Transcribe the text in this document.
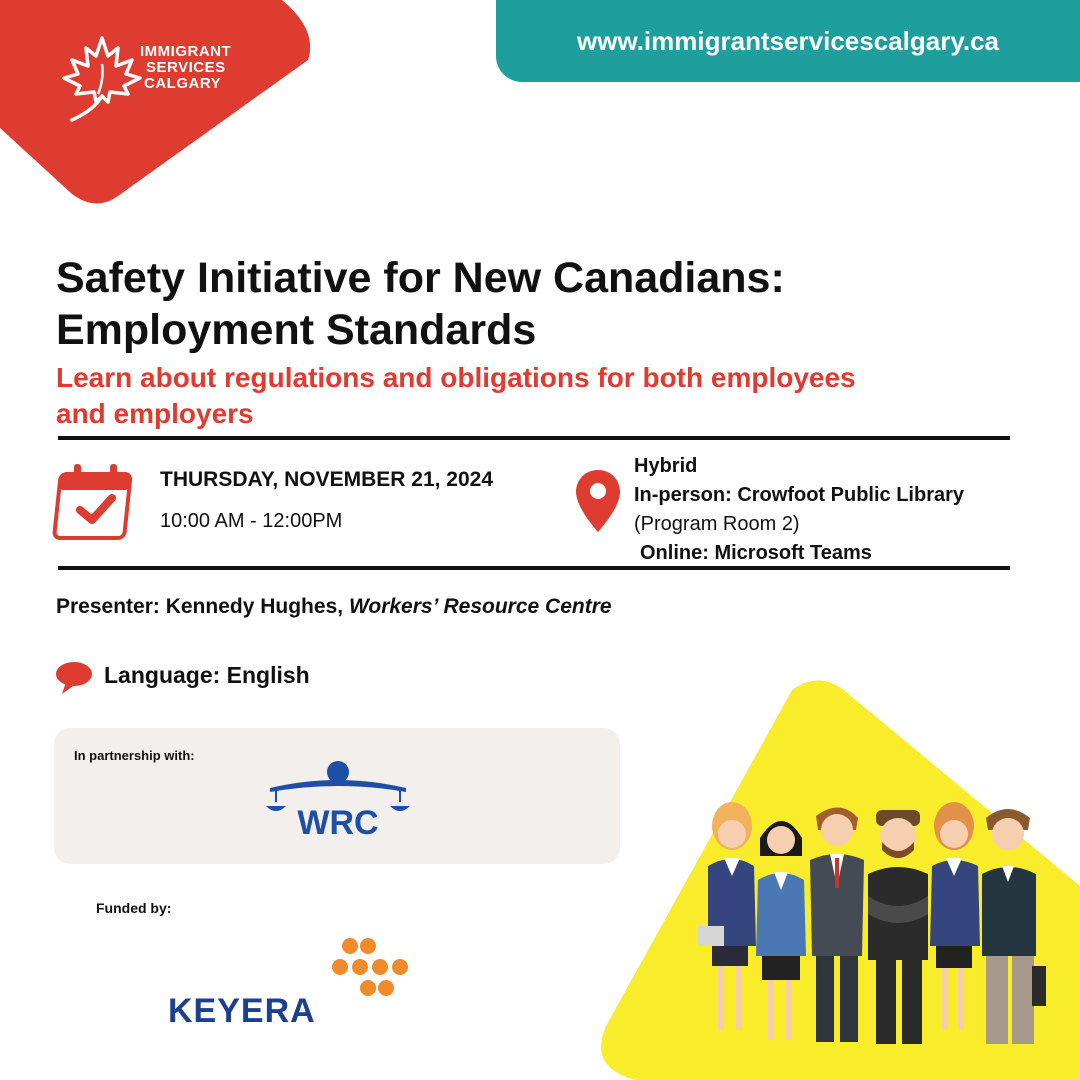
IMMIGRANT
SERVICES
CALGARY
www.immigrantservicescalgary.ca
Safety Initiative for New Canadians:
Employment Standards
Learn about regulations and obligations for both employees
and employers
THURSDAY, NOVEMBER 21, 2024
10:00 AM - 12:00PM
Hybrid
In-person: Crowfoot Public Library
(Program Room 2)
Online: Microsoft Teams
Presenter: Kennedy Hughes, Workers’ Resource Centre
Language: English
In partnership with:
WRC
Funded by:
KEYERA
